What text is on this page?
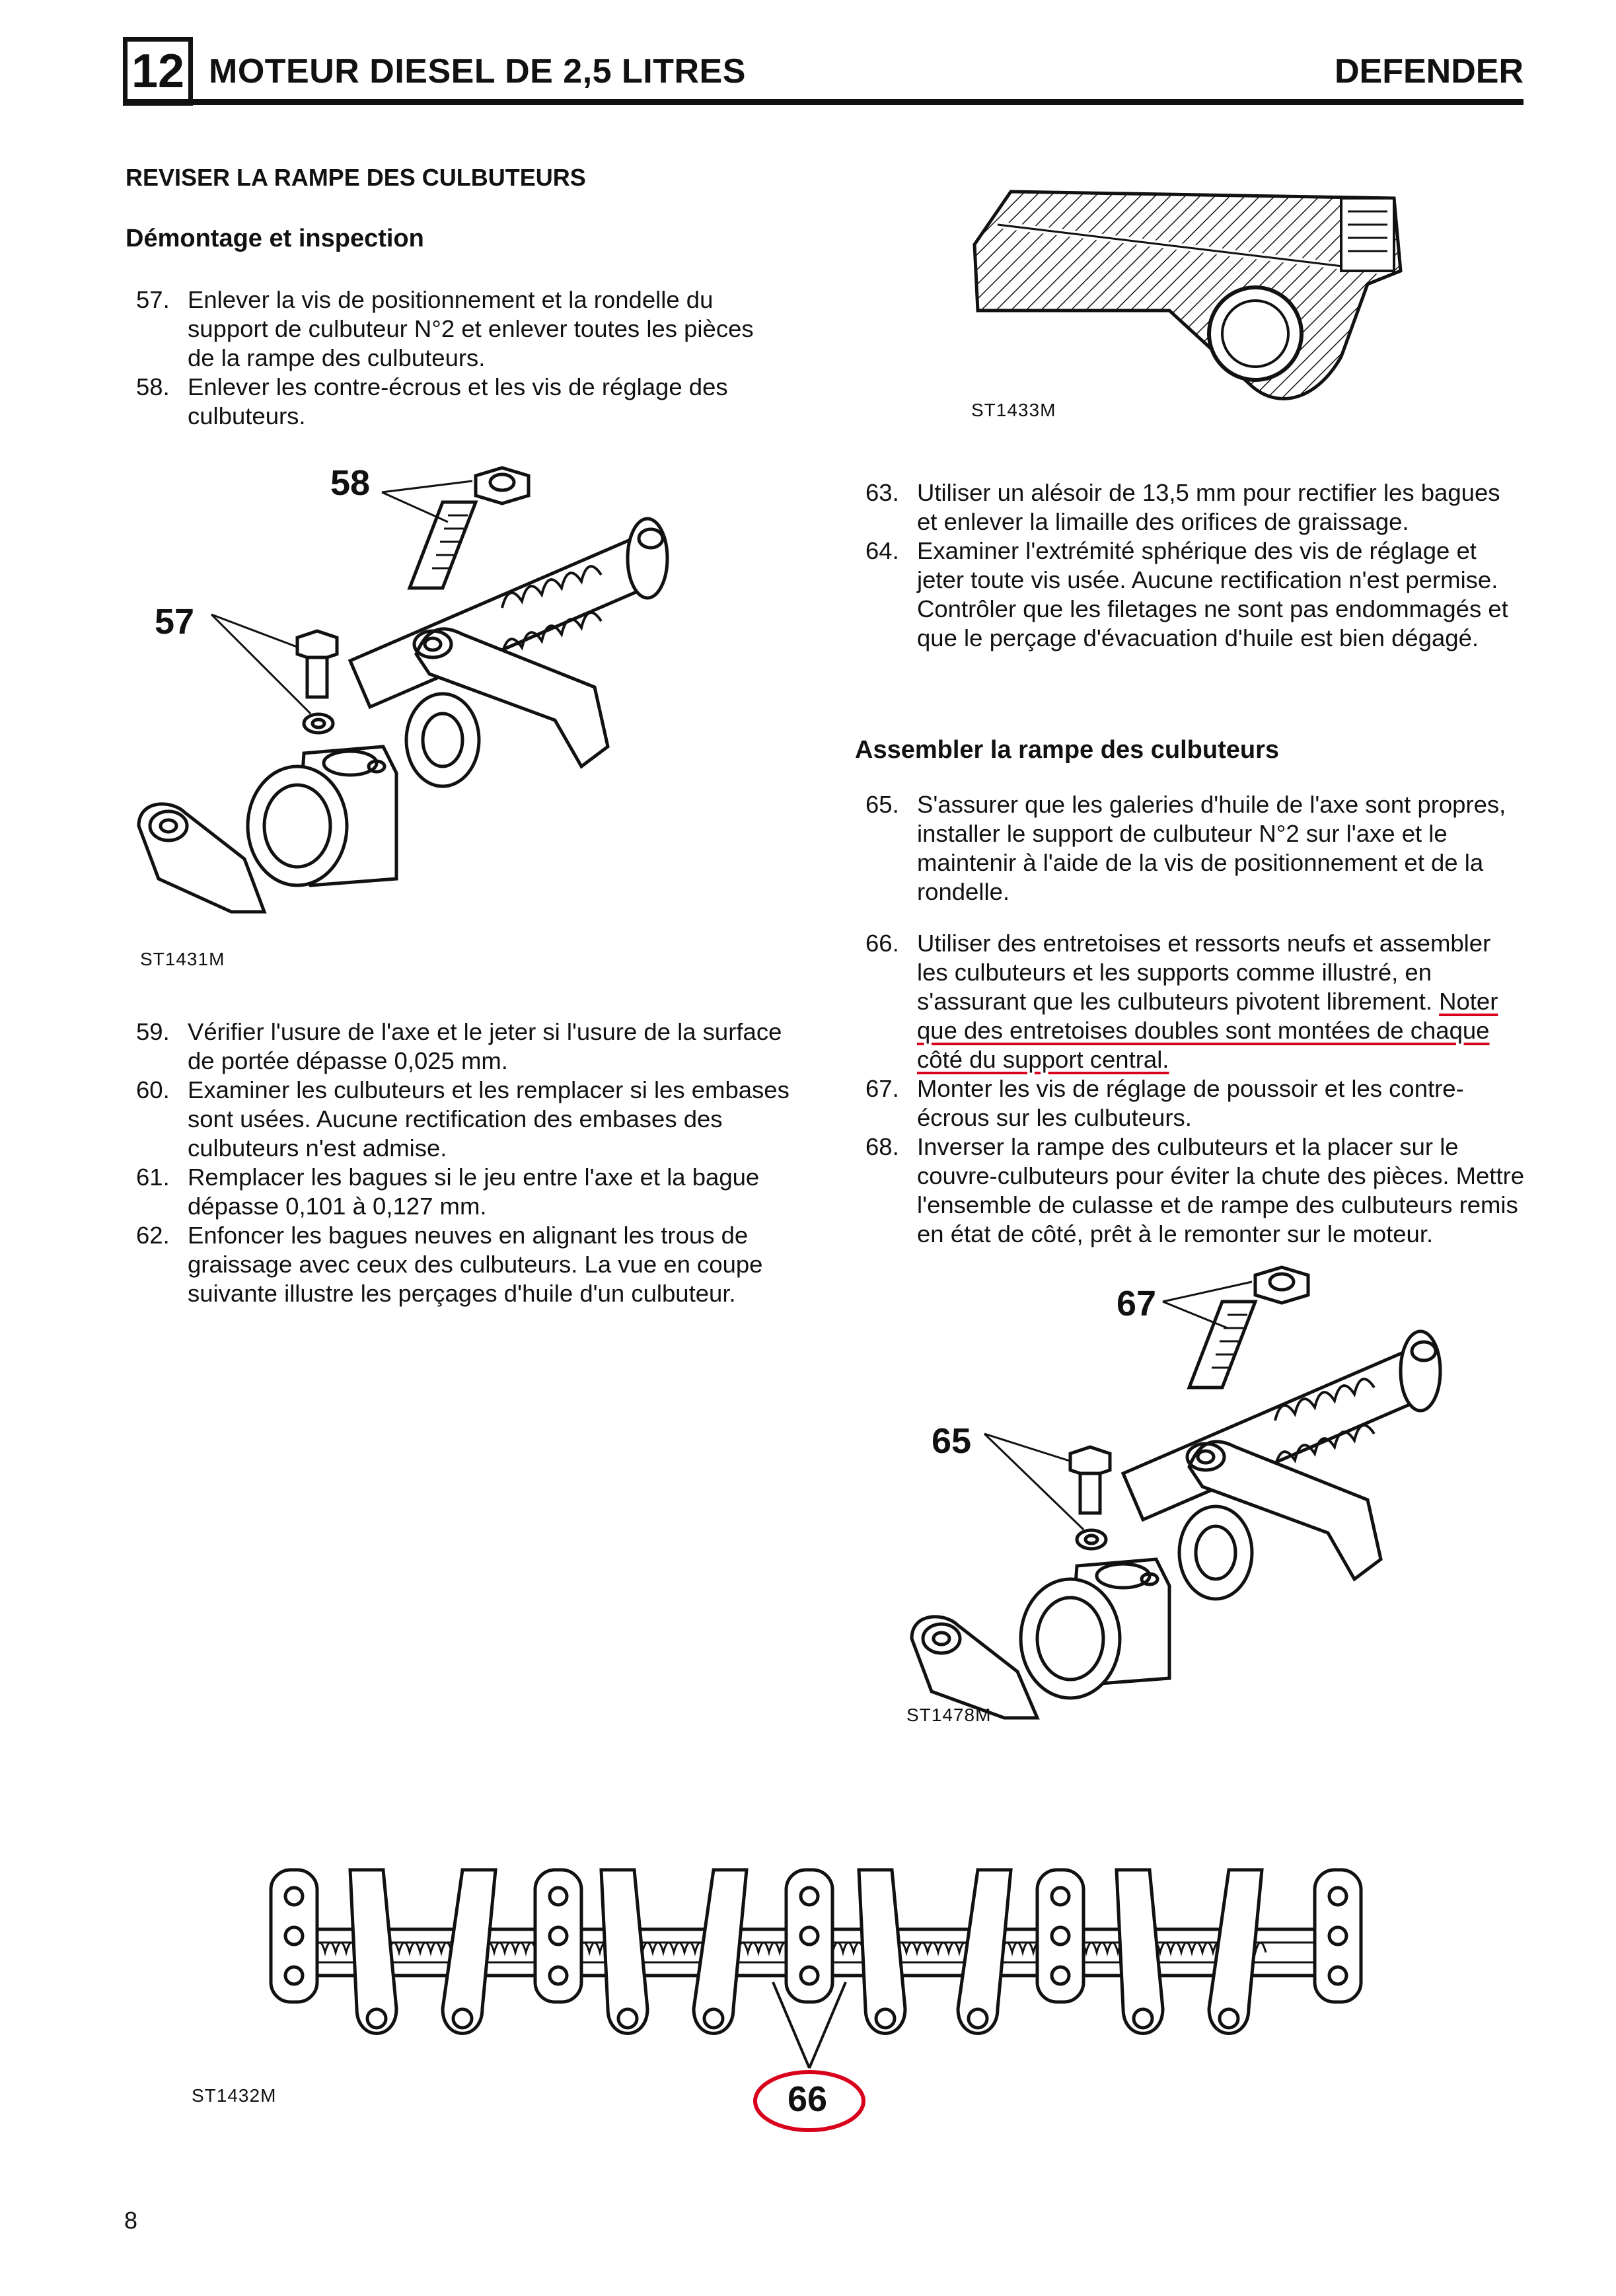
12 MOTEUR DIESEL DE 2,5 LITRES	DEFENDER
REVISER LA RAMPE DES CULBUTEURS
Démontage et inspection
57. Enlever la vis de positionnement et la rondelle du support de culbuteur N°2 et enlever toutes les pièces de la rampe des culbuteurs.
58. Enlever les contre-écrous et les vis de réglage des culbuteurs.
58
57
ST1431M
59. Vérifier l'usure de l'axe et le jeter si l'usure de la surface de portée dépasse 0,025 mm.
60. Examiner les culbuteurs et les remplacer si les embases sont usées. Aucune rectification des embases des culbuteurs n'est admise.
61. Remplacer les bagues si le jeu entre l'axe et la bague dépasse 0,101 à 0,127 mm.
62. Enfoncer les bagues neuves en alignant les trous de graissage avec ceux des culbuteurs. La vue en coupe suivante illustre les perçages d'huile d'un culbuteur.
ST1433M
63. Utiliser un alésoir de 13,5 mm pour rectifier les bagues et enlever la limaille des orifices de graissage.
64. Examiner l'extrémité sphérique des vis de réglage et jeter toute vis usée. Aucune rectification n'est permise. Contrôler que les filetages ne sont pas endommagés et que le perçage d'évacuation d'huile est bien dégagé.
Assembler la rampe des culbuteurs
65. S'assurer que les galeries d'huile de l'axe sont propres, installer le support de culbuteur N°2 sur l'axe et le maintenir à l'aide de la vis de positionnement et de la rondelle.
66. Utiliser des entretoises et ressorts neufs et assembler les culbuteurs et les supports comme illustré, en s'assurant que les culbuteurs pivotent librement. Noter que des entretoises doubles sont montées de chaque côté du support central.
67. Monter les vis de réglage de poussoir et les contre-écrous sur les culbuteurs.
68. Inverser la rampe des culbuteurs et la placer sur le couvre-culbuteurs pour éviter la chute des pièces. Mettre l'ensemble de culasse et de rampe des culbuteurs remis en état de côté, prêt à le remonter sur le moteur.
67
65
ST1478M
66
ST1432M
8
